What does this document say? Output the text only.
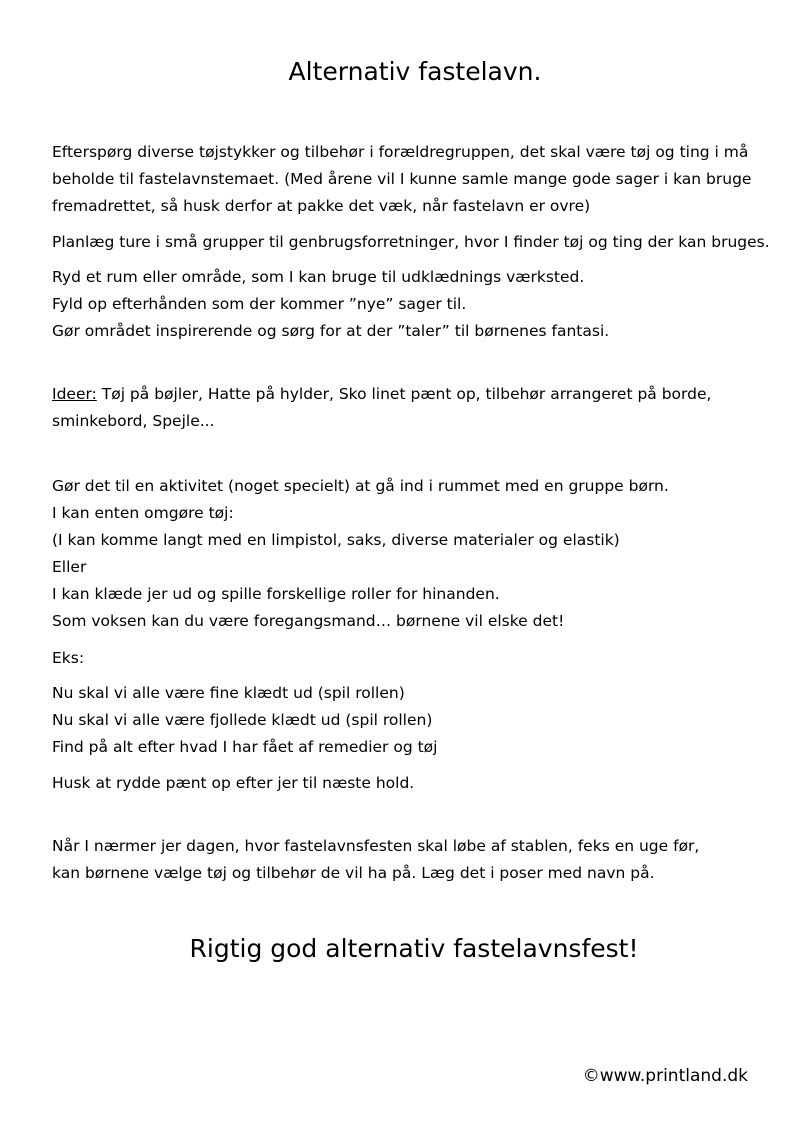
Alternativ fastelavn.
Efterspørg diverse tøjstykker og tilbehør i forældregruppen, det skal være tøj og ting i må
beholde til fastelavnstemaet. (Med årene vil I kunne samle mange gode sager i kan bruge
fremadrettet, så husk derfor at pakke det væk, når fastelavn er ovre)
Planlæg ture i små grupper til genbrugsforretninger, hvor I finder tøj og ting der kan bruges.
Ryd et rum eller område, som I kan bruge til udklædnings værksted.
Fyld op efterhånden som der kommer ”nye” sager til.
Gør området inspirerende og sørg for at der ”taler” til børnenes fantasi.
Ideer: Tøj på bøjler, Hatte på hylder, Sko linet pænt op, tilbehør arrangeret på borde,
sminkebord, Spejle...
Gør det til en aktivitet (noget specielt) at gå ind i rummet med en gruppe børn.
I kan enten omgøre tøj:
(I kan komme langt med en limpistol, saks, diverse materialer og elastik)
Eller
I kan klæde jer ud og spille forskellige roller for hinanden.
Som voksen kan du være foregangsmand… børnene vil elske det!
Eks:
Nu skal vi alle være fine klædt ud (spil rollen)
Nu skal vi alle være fjollede klædt ud (spil rollen)
Find på alt efter hvad I har fået af remedier og tøj
Husk at rydde pænt op efter jer til næste hold.
Når I nærmer jer dagen, hvor fastelavnsfesten skal løbe af stablen, feks en uge før,
kan børnene vælge tøj og tilbehør de vil ha på. Læg det i poser med navn på.
Rigtig god alternativ fastelavnsfest!
©www.printland.dk
